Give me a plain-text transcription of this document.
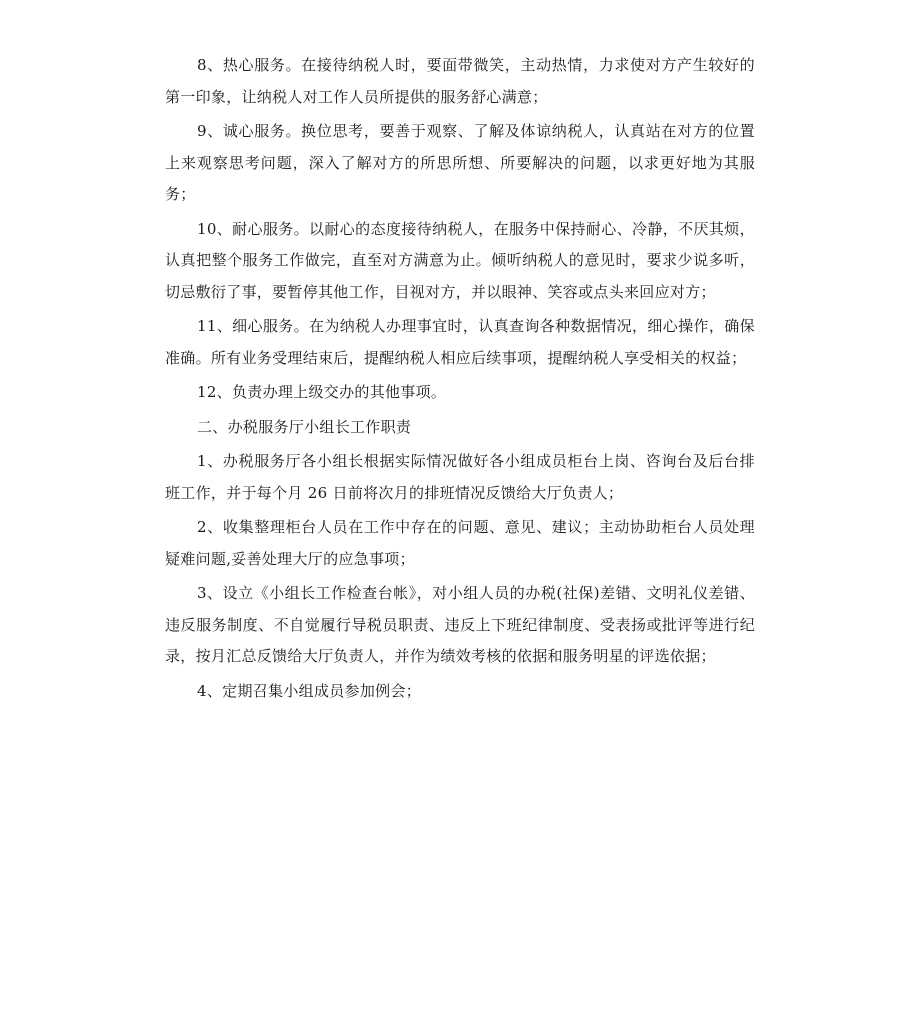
8、热心服务。在接待纳税人时，要面带微笑，主动热情，力求使对方产生较好的第一印象，让纳税人对工作人员所提供的服务舒心满意；

9、诚心服务。换位思考，要善于观察、了解及体谅纳税人，认真站在对方的位置上来观察思考问题，深入了解对方的所思所想、所要解决的问题，以求更好地为其服务；

10、耐心服务。以耐心的态度接待纳税人，在服务中保持耐心、冷静，不厌其烦，认真把整个服务工作做完，直至对方满意为止。倾听纳税人的意见时，要求少说多听，切忌敷衍了事，要暂停其他工作，目视对方，并以眼神、笑容或点头来回应对方；

11、细心服务。在为纳税人办理事宜时，认真查询各种数据情况，细心操作，确保准确。所有业务受理结束后，提醒纳税人相应后续事项，提醒纳税人享受相关的权益；

12、负责办理上级交办的其他事项。

二、办税服务厅小组长工作职责

1、办税服务厅各小组长根据实际情况做好各小组成员柜台上岗、咨询台及后台排班工作，并于每个月 26 日前将次月的排班情况反馈给大厅负责人；

2、收集整理柜台人员在工作中存在的问题、意见、建议；主动协助柜台人员处理疑难问题,妥善处理大厅的应急事项；

3、设立《小组长工作检查台帐》，对小组人员的办税(社保)差错、文明礼仪差错、违反服务制度、不自觉履行导税员职责、违反上下班纪律制度、受表扬或批评等进行纪录，按月汇总反馈给大厅负责人，并作为绩效考核的依据和服务明星的评选依据；

4、定期召集小组成员参加例会；
